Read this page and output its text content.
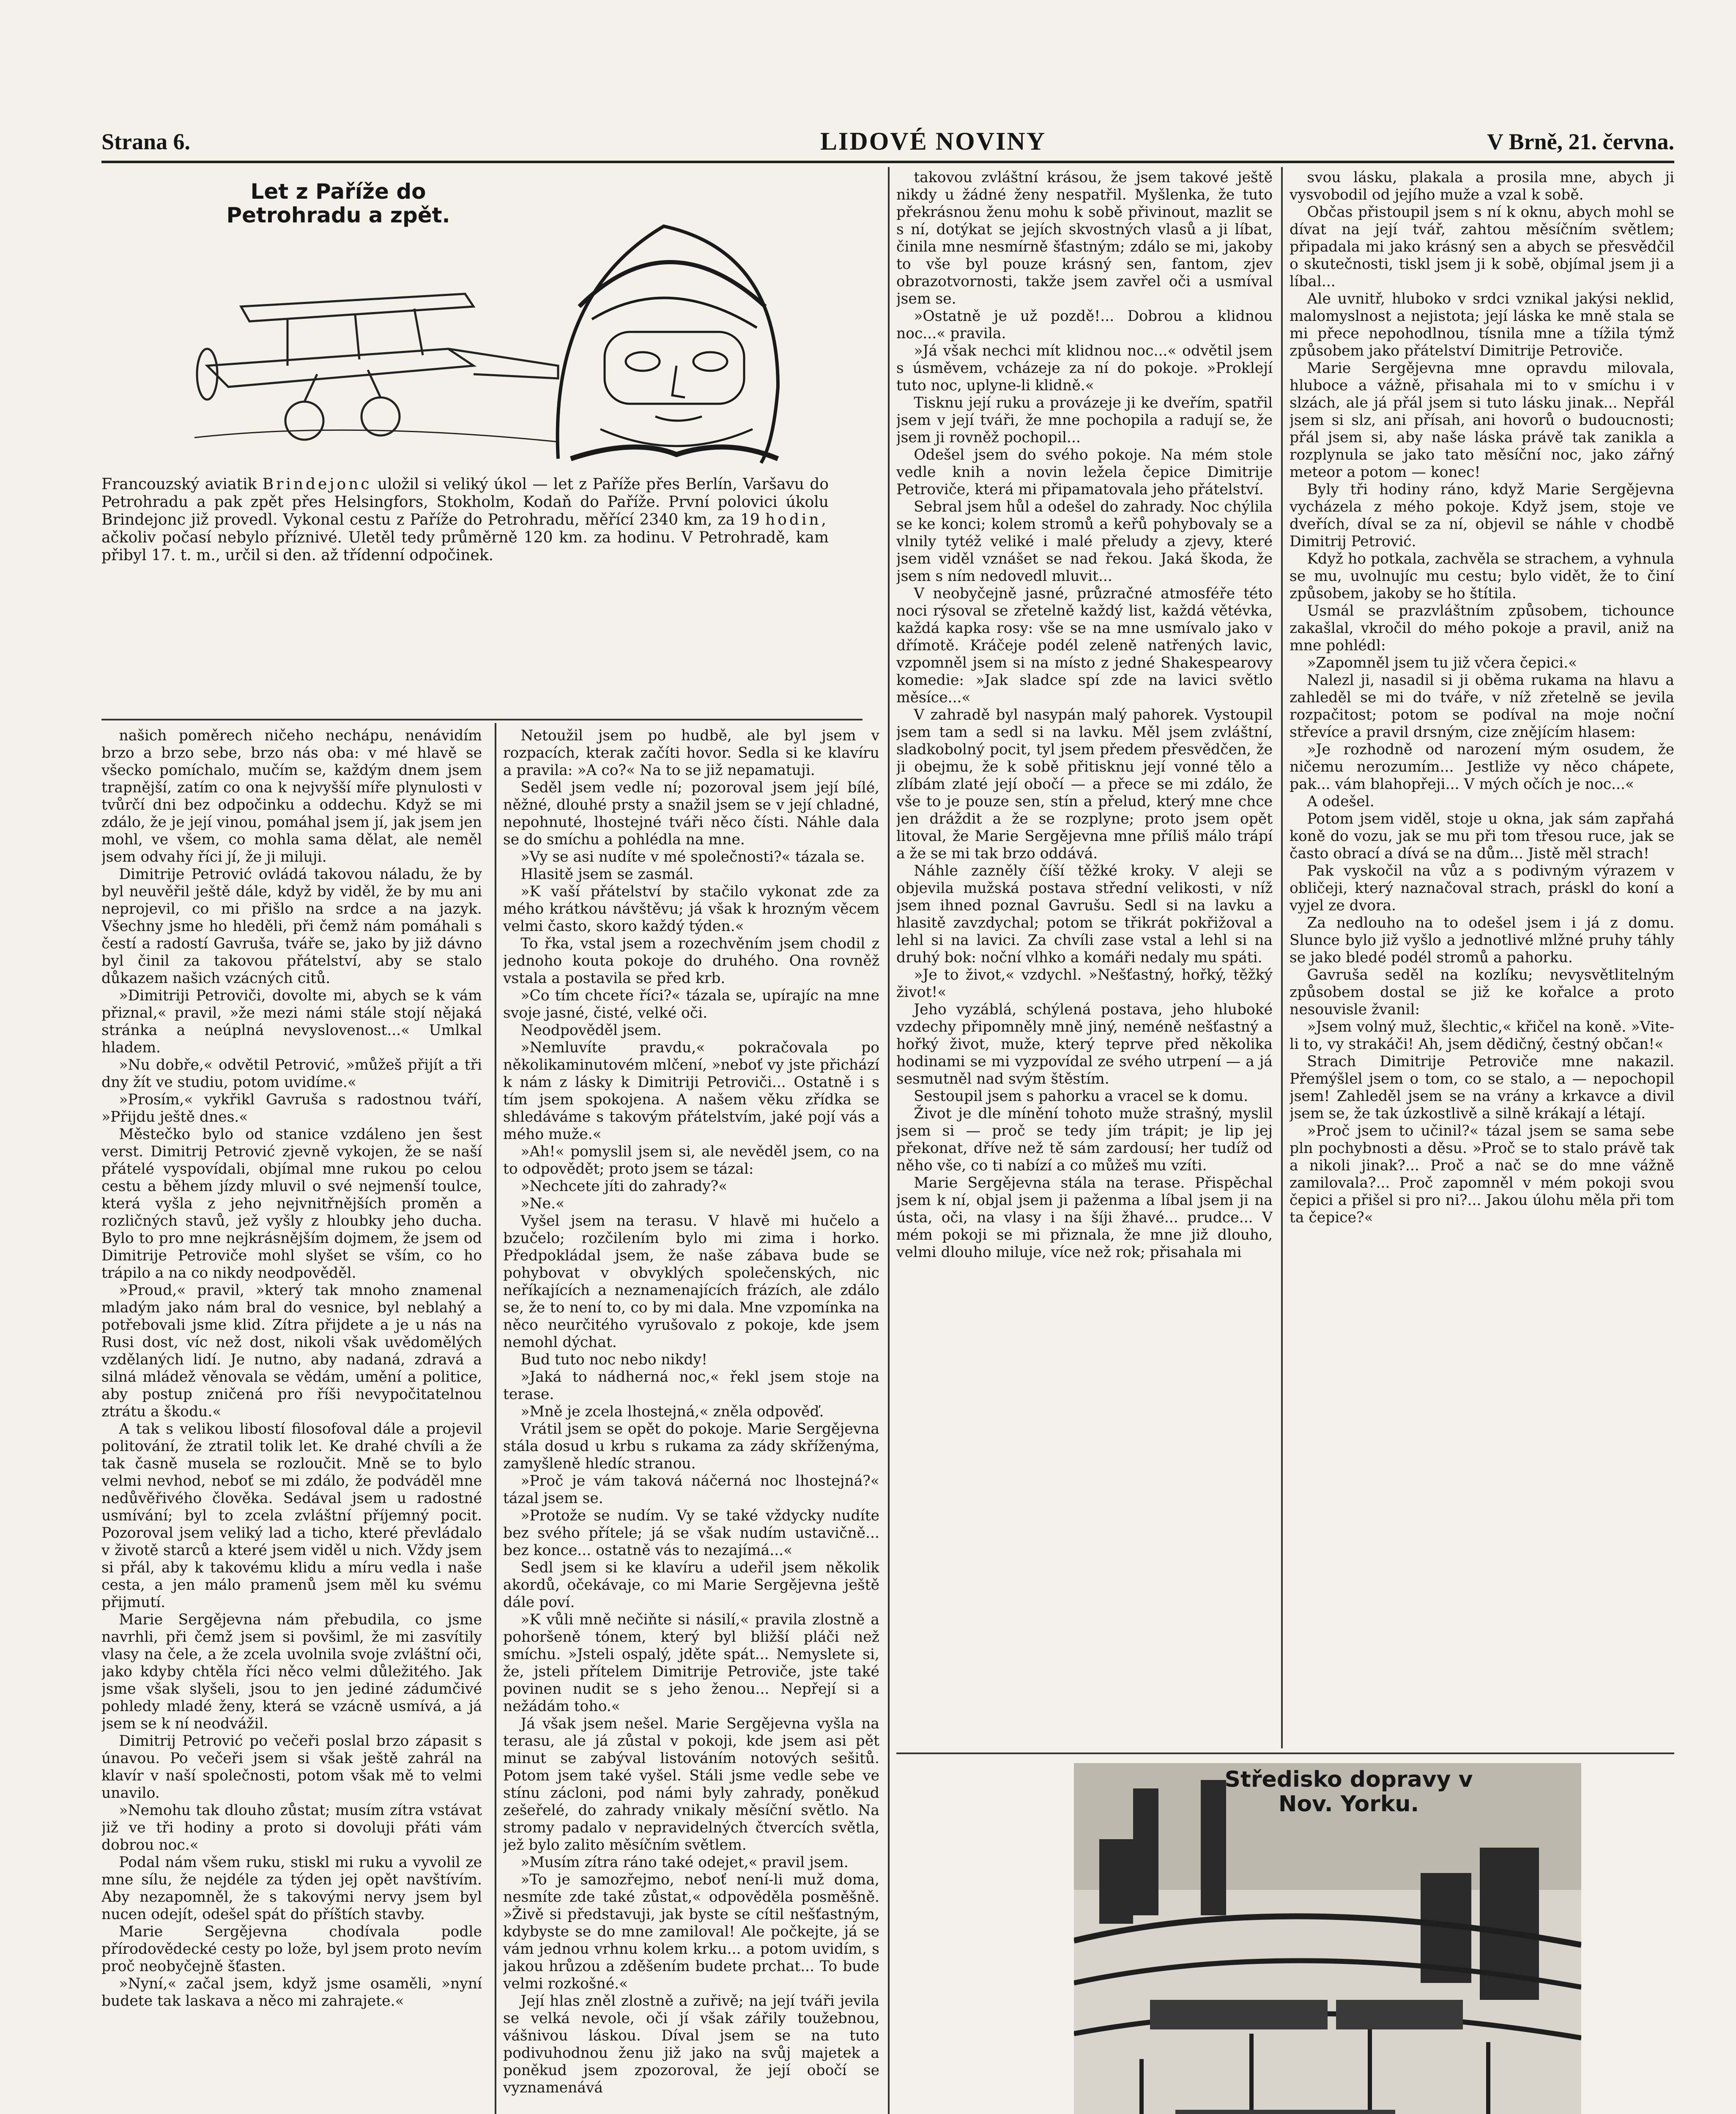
Strana 6.	LIDOVÉ NOVINY	V Brně, 21. června.
Let z Paříže do Petrohradu a zpět.
Francouzský aviatik Brindejonc uložil si veliký úkol — let z Paříže přes Berlín, Varšavu do Petrohradu a pak zpět přes Helsingfors, Stokholm, Kodaň do Paříže. První polovici úkolu Brindejonc již provedl. Vykonal cestu z Paříže do Petrohradu, měřící 2340 km, za 19 hodin, ačkoliv počasí nebylo příznivé. Uletěl tedy průměrně 120 km. za hodinu. V Petrohradě, kam přibyl 17. t. m., určil si den. až třídenní odpočinek.

našich poměrech ničeho nechápu, nenávidím brzo a brzo sebe, brzo nás oba: v mé hlavě se všecko pomíchalo, mučím se, každým dnem jsem trapnější, zatím co ona k nejvyšší míře plynulosti v tvůrčí dni bez odpočinku a oddechu. Když se mi zdálo, že je její vinou, pomáhal jsem jí, jak jsem jen mohl, ve všem, co mohla sama dělat, ale neměl jsem odvahy říci jí, že ji miluji.

Dimitrije Petrović ovládá takovou náladu, že by byl neuvěřil ještě dále, když by viděl, že by mu ani neprojevil, co mi přišlo na srdce a na jazyk. Všechny jsme ho hleděli, při čemž nám pomáhali s čestí a radostí Gavruša, tváře se, jako by již dávno byl činil za takovou přátelství, aby se stalo důkazem našich vzácných citů.

»Dimitriji Petroviči, dovolte mi, abych se k vám přiznal,« pravil, »že mezi námi stále stojí nějaká stránka a neúplná nevyslovenost...« Umlkal hladem.

»Nu dobře,« odvětil Petrović, »můžeš přijít a tři dny žít ve studiu, potom uvidíme.«

»Prosím,« vykřikl Gavruša s radostnou tváří, »Přijdu ještě dnes.«

Městečko bylo od stanice vzdáleno jen šest verst. Dimitrij Petrović zjevně vykojen, že se naší přátelé vyspovídali, objímal mne rukou po celou cestu a během jízdy mluvil o své nejmenší toulce, která vyšla z jeho nejvnitřnějších proměn a rozličných stavů, jež vyšly z hloubky jeho ducha. Bylo to pro mne nejkrásnějším dojmem, že jsem od Dimitrije Petroviče mohl slyšet se vším, co ho trápilo a na co nikdy neodpověděl.

»Proud,« pravil, »který tak mnoho znamenal mladým jako nám bral do vesnice, byl neblahý a potřebovali jsme klid. Zítra přijdete a je u nás na Rusi dost, víc než dost, nikoli však uvědomělých vzdělaných lidí. Je nutno, aby nadaná, zdravá a silná mládež věnovala se vědám, umění a politice, aby postup zničená pro říši nevypočitatelnou ztrátu a škodu.«

A tak s velikou libostí filosofoval dále a projevil politování, že ztratil tolik let. Ke drahé chvíli a že tak časně musela se rozloučit. Mně se to bylo velmi nevhod, neboť se mi zdálo, že podváděl mne nedůvěřivého člověka. Sedával jsem u radostné usmívání; byl to zcela zvláštní příjemný pocit. Pozoroval jsem veliký lad a ticho, které převládalo v životě starců a které jsem viděl u nich. Vždy jsem si přál, aby k takovému klidu a míru vedla i naše cesta, a jen málo pramenů jsem měl ku svému přijmutí.

Marie Sergějevna nám přebudila, co jsme navrhli, při čemž jsem si povšiml, že mi zasvítily vlasy na čele, a že zcela uvolnila svoje zvláštní oči, jako kdyby chtěla říci něco velmi důležitého. Jak jsme však slyšeli, jsou to jen jediné zádumčivé pohledy mladé ženy, která se vzácně usmívá, a já jsem se k ní neodvážil.

Dimitrij Petrović po večeři poslal brzo zápasit s únavou. Po večeři jsem si však ještě zahrál na klavír v naší společnosti, potom však mě to velmi unavilo.

»Nemohu tak dlouho zůstat; musím zítra vstávat již ve tři hodiny a proto si dovoluji přáti vám dobrou noc.«

Podal nám všem ruku, stiskl mi ruku a vyvolil ze mne sílu, že nejdéle za týden jej opět navštívím. Aby nezapomněl, že s takovými nervy jsem byl nucen odejít, odešel spát do příštích stavby.

Marie Sergějevna chodívala podle přírodovědecké cesty po lože, byl jsem proto nevím proč neobyčejně šťasten.

»Nyní,« začal jsem, když jsme osaměli, »nyní budete tak laskava a něco mi zahrajete.«

Netoužil jsem po hudbě, ale byl jsem v rozpacích, kterak začíti hovor. Sedla si ke klavíru a pravila: »A co?« Na to se již nepamatuji.

Seděl jsem vedle ní; pozoroval jsem její bílé, něžné, dlouhé prsty a snažil jsem se v její chladné, nepohnuté, lhostejné tváři něco čísti. Náhle dala se do smíchu a pohlédla na mne.

»Vy se asi nudíte v mé společnosti?« tázala se.

Hlasitě jsem se zasmál.

»K vaší přátelství by stačilo vykonat zde za mého krátkou návštěvu; já však k hrozným věcem velmi často, skoro každý týden.«

To řka, vstal jsem a rozechvěním jsem chodil z jednoho kouta pokoje do druhého. Ona rovněž vstala a postavila se před krb.

»Co tím chcete říci?« tázala se, upírajíc na mne svoje jasné, čisté, velké oči.

Neodpověděl jsem.

»Nemluvíte pravdu,« pokračovala po několikaminutovém mlčení, »neboť vy jste přichází k nám z lásky k Dimitriji Petroviči... Ostatně i s tím jsem spokojena. A našem věku zřídka se shledáváme s takovým přátelstvím, jaké pojí vás a mého muže.«

»Ah!« pomyslil jsem si, ale nevěděl jsem, co na to odpovědět; proto jsem se tázal:

»Nechcete jíti do zahrady?«

»Ne.«

Vyšel jsem na terasu. V hlavě mi hučelo a bzučelo; rozčilením bylo mi zima i horko. Předpokládal jsem, že naše zábava bude se pohybovat v obvyklých společenských, nic neříkajících a neznamenajících frázích, ale zdálo se, že to není to, co by mi dala. Mne vzpomínka na něco neurčitého vyrušovalo z pokoje, kde jsem nemohl dýchat.

Bud tuto noc nebo nikdy!

»Jaká to nádherná noc,« řekl jsem stoje na terase.

»Mně je zcela lhostejná,« zněla odpověď.

Vrátil jsem se opět do pokoje. Marie Sergějevna stála dosud u krbu s rukama za zády skříženýma, zamyšleně hledíc stranou.

»Proč je vám taková náčerná noc lhostejná?« tázal jsem se.

»Protože se nudím. Vy se také vždycky nudíte bez svého přítele; já se však nudím ustavičně... bez konce... ostatně vás to nezajímá...«

Sedl jsem si ke klavíru a udeřil jsem několik akordů, očekávaje, co mi Marie Sergějevna ještě dále poví.

»K vůli mně nečiňte si násilí,« pravila zlostně a pohoršeně tónem, který byl bližší pláči než smíchu. »Jsteli ospalý, jděte spát... Nemyslete si, že, jsteli přítelem Dimitrije Petroviče, jste také povinen nudit se s jeho ženou... Nepřejí si a nežádám toho.«

Já však jsem nešel. Marie Sergějevna vyšla na terasu, ale já zůstal v pokoji, kde jsem asi pět minut se zabýval listováním notových sešitů. Potom jsem také vyšel. Stáli jsme vedle sebe ve stínu zácloni, pod námi byly zahrady, poněkud zešeřelé, do zahrady vnikaly měsíční světlo. Na stromy padalo v nepravidelných čtvercích světla, jež bylo zalito měsíčním světlem.

»Musím zítra ráno také odejet,« pravil jsem.

»To je samozřejmo, neboť není-li muž doma, nesmíte zde také zůstat,« odpověděla posměšně. »Živě si představuji, jak byste se cítil nešťastným, kdybyste se do mne zamiloval! Ale počkejte, já se vám jednou vrhnu kolem krku... a potom uvidím, s jakou hrůzou a zděšením budete prchat... To bude velmi rozkošné.«

Její hlas zněl zlostně a zuřivě; na její tváři jevila se velká nevole, oči jí však zářily toužebnou, vášnivou láskou. Díval jsem se na tuto podivuhodnou ženu již jako na svůj majetek a poněkud jsem zpozoroval, že její obočí se vyznamenává

takovou zvláštní krásou, že jsem takové ještě nikdy u žádné ženy nespatřil. Myšlenka, že tuto překrásnou ženu mohu k sobě přivinout, mazlit se s ní, dotýkat se jejích skvostných vlasů a ji líbat, činila mne nesmírně šťastným; zdálo se mi, jakoby to vše byl pouze krásný sen, fantom, zjev obrazotvornosti, takže jsem zavřel oči a usmíval jsem se.

»Ostatně je už pozdě!... Dobrou a klidnou noc...« pravila.

»Já však nechci mít klidnou noc...« odvětil jsem s úsměvem, vcházeje za ní do pokoje. »Proklejí tuto noc, uplyne-li klidně.«

Tisknu její ruku a provázeje ji ke dveřím, spatřil jsem v její tváři, že mne pochopila a radují se, že jsem ji rovněž pochopil...

Odešel jsem do svého pokoje. Na mém stole vedle knih a novin ležela čepice Dimitrije Petroviče, která mi připamatovala jeho přátelství.

Sebral jsem hůl a odešel do zahrady. Noc chýlila se ke konci; kolem stromů a keřů pohybovaly se a vlnily tytéž veliké i malé přeludy a zjevy, které jsem viděl vznášet se nad řekou. Jaká škoda, že jsem s ním nedovedl mluvit...

V neobyčejně jasné, průzračné atmosféře této noci rýsoval se zřetelně každý list, každá větévka, každá kapka rosy: vše se na mne usmívalo jako v dřímotě. Kráčeje podél zeleně natřených lavic, vzpomněl jsem si na místo z jedné Shakespearovy komedie: »Jak sladce spí zde na lavici světlo měsíce...«

V zahradě byl nasypán malý pahorek. Vystoupil jsem tam a sedl si na lavku. Měl jsem zvláštní, sladkobolný pocit, tyl jsem předem přesvědčen, že ji obejmu, že k sobě přitisknu její vonné tělo a zlíbám zlaté její obočí — a přece se mi zdálo, že vše to je pouze sen, stín a přelud, který mne chce jen dráždit a že se rozplyne; proto jsem opět litoval, že Marie Sergějevna mne příliš málo trápí a že se mi tak brzo oddává.

Náhle zazněly číší těžké kroky. V aleji se objevila mužská postava střední velikosti, v níž jsem ihned poznal Gavrušu. Sedl si na lavku a hlasitě zavzdychal; potom se třikrát pokřižoval a lehl si na lavici. Za chvíli zase vstal a lehl si na druhý bok: noční vlhko a komáři nedaly mu spáti.

»Je to život,« vzdychl. »Nešťastný, hořký, těžký život!«

Jeho vyzáblá, schýlená postava, jeho hluboké vzdechy připomněly mně jiný, neméně nešťastný a hořký život, muže, který teprve před několika hodinami se mi vyzpovídal ze svého utrpení — a já sesmutněl nad svým štěstím.

Sestoupil jsem s pahorku a vracel se k domu.

Život je dle mínění tohoto muže strašný, myslil jsem si — proč se tedy jím trápit; je lip jej překonat, dříve než tě sám zardousí; her tudíž od něho vše, co ti nabízí a co můžeš mu vzíti.

Marie Sergějevna stála na terase. Přispěchal jsem k ní, objal jsem ji paženma a líbal jsem ji na ústa, oči, na vlasy i na šíji žhavé... prudce... V mém pokoji se mi přiznala, že mne již dlouho, velmi dlouho miluje, více než rok; přisahala mi

svou lásku, plakala a prosila mne, abych ji vysvobodil od jejího muže a vzal k sobě.

Občas přistoupil jsem s ní k oknu, abych mohl se dívat na její tvář, zahtou měsíčním světlem; připadala mi jako krásný sen a abych se přesvědčil o skutečnosti, tiskl jsem ji k sobě, objímal jsem ji a líbal...

Ale uvnitř, hluboko v srdci vznikal jakýsi neklid, malomyslnost a nejistota; její láska ke mně stala se mi přece nepohodlnou, tísnila mne a tížila týmž způsobem jako přátelství Dimitrije Petroviče.

Marie Sergějevna mne opravdu milovala, hluboce a vážně, přisahala mi to v smíchu i v slzách, ale já přál jsem si tuto lásku jinak... Nepřál jsem si slz, ani přísah, ani hovorů o budoucnosti; přál jsem si, aby naše láska právě tak zanikla a rozplynula se jako tato měsíční noc, jako zářný meteor a potom — konec!

Byly tři hodiny ráno, když Marie Sergějevna vycházela z mého pokoje. Když jsem, stoje ve dveřích, díval se za ní, objevil se náhle v chodbě Dimitrij Petrović.

Když ho potkala, zachvěla se strachem, a vyhnula se mu, uvolnujíc mu cestu; bylo vidět, že to činí způsobem, jakoby se ho štítila.

Usmál se prazvláštním způsobem, tichounce zakašlal, vkročil do mého pokoje a pravil, aniž na mne pohlédl:

»Zapomněl jsem tu již včera čepici.«

Nalezl ji, nasadil si ji oběma rukama na hlavu a zahleděl se mi do tváře, v níž zřetelně se jevila rozpačitost; potom se podíval na moje noční střevíce a pravil drsným, cize znějícím hlasem:

»Je rozhodně od narození mým osudem, že ničemu nerozumím... Jestliže vy něco chápete, pak... vám blahopřeji... V mých očích je noc...«

A odešel.

Potom jsem viděl, stoje u okna, jak sám zapřahá koně do vozu, jak se mu při tom třesou ruce, jak se často obrací a dívá se na dům... Jistě měl strach!

Pak vyskočil na vůz a s podivným výrazem v obličeji, který naznačoval strach, práskl do koní a vyjel ze dvora.

Za nedlouho na to odešel jsem i já z domu. Slunce bylo již vyšlo a jednotlivé mlžné pruhy táhly se jako bledé podél stromů a pahorku.

Gavruša seděl na kozlíku; nevysvětlitelným způsobem dostal se již ke kořalce a proto nesouvisle žvanil:

»Jsem volný muž, šlechtic,« křičel na koně. »Vite-li to, vy strakáči! Ah, jsem dědičný, čestný občan!«

Strach Dimitrije Petroviče mne nakazil. Přemýšlel jsem o tom, co se stalo, a — nepochopil jsem! Zahleděl jsem se na vrány a krkavce a divil jsem se, že tak úzkostlivě a silně krákají a létají.

»Proč jsem to učinil?« tázal jsem se sama sebe pln pochybnosti a děsu. »Proč se to stalo právě tak a nikoli jinak?... Proč a nač se do mne vážně zamilovala?... Proč zapomněl v mém pokoji svou čepici a přišel si pro ni?... Jakou úlohu měla při tom ta čepice?«

Středisko dopravy v Nov. Yorku.
